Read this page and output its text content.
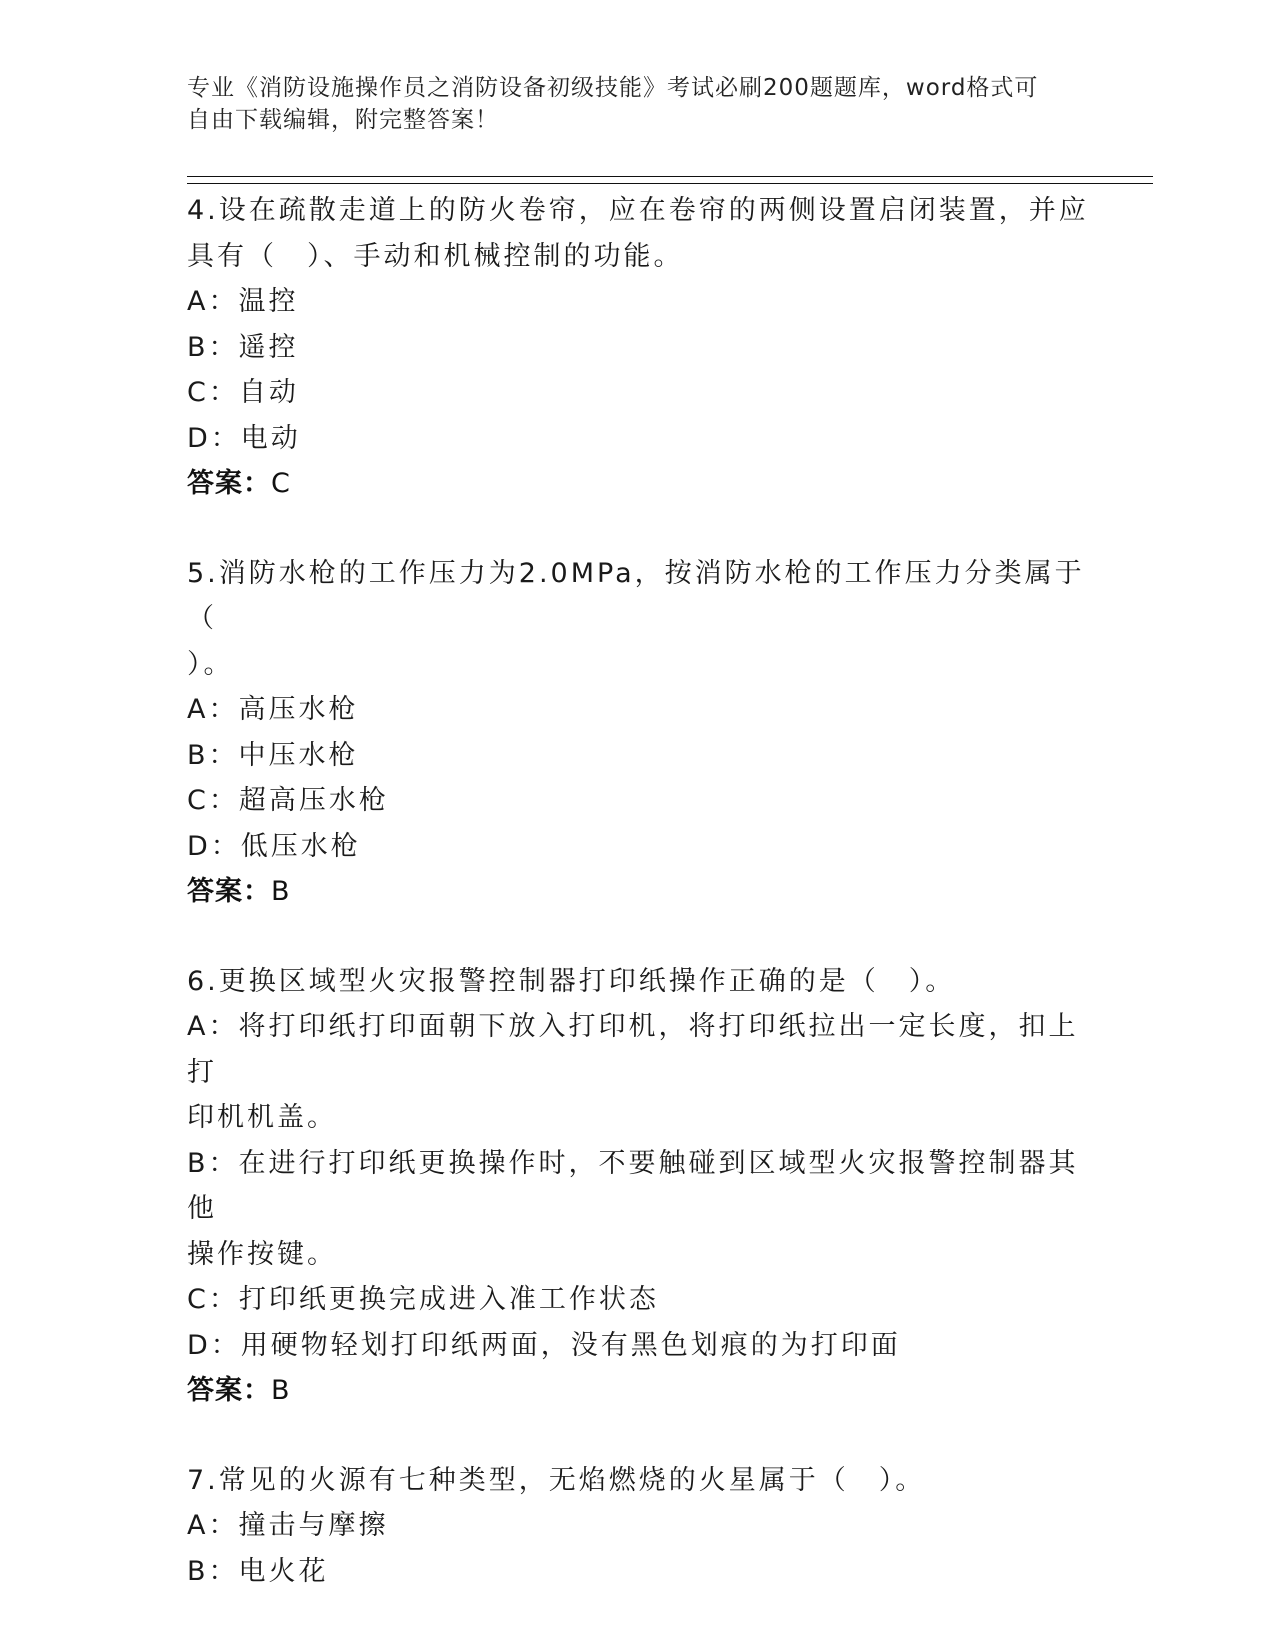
专业《消防设施操作员之消防设备初级技能》考试必刷200题题库，word格式可
自由下载编辑，附完整答案！
4.设在疏散走道上的防火卷帘，应在卷帘的两侧设置启闭装置，并应
具有（　）、手动和机械控制的功能。
A：温控
B：遥控
C：自动
D：电动
答案：C
5.消防水枪的工作压力为2.0MPa，按消防水枪的工作压力分类属于（
）。
A：高压水枪
B：中压水枪
C：超高压水枪
D：低压水枪
答案：B
6.更换区域型火灾报警控制器打印纸操作正确的是（　）。
A：将打印纸打印面朝下放入打印机，将打印纸拉出一定长度，扣上打
印机机盖。
B：在进行打印纸更换操作时，不要触碰到区域型火灾报警控制器其他
操作按键。
C：打印纸更换完成进入准工作状态
D：用硬物轻划打印纸两面，没有黑色划痕的为打印面
答案：B
7.常见的火源有七种类型，无焰燃烧的火星属于（　）。
A：撞击与摩擦
B：电火花
